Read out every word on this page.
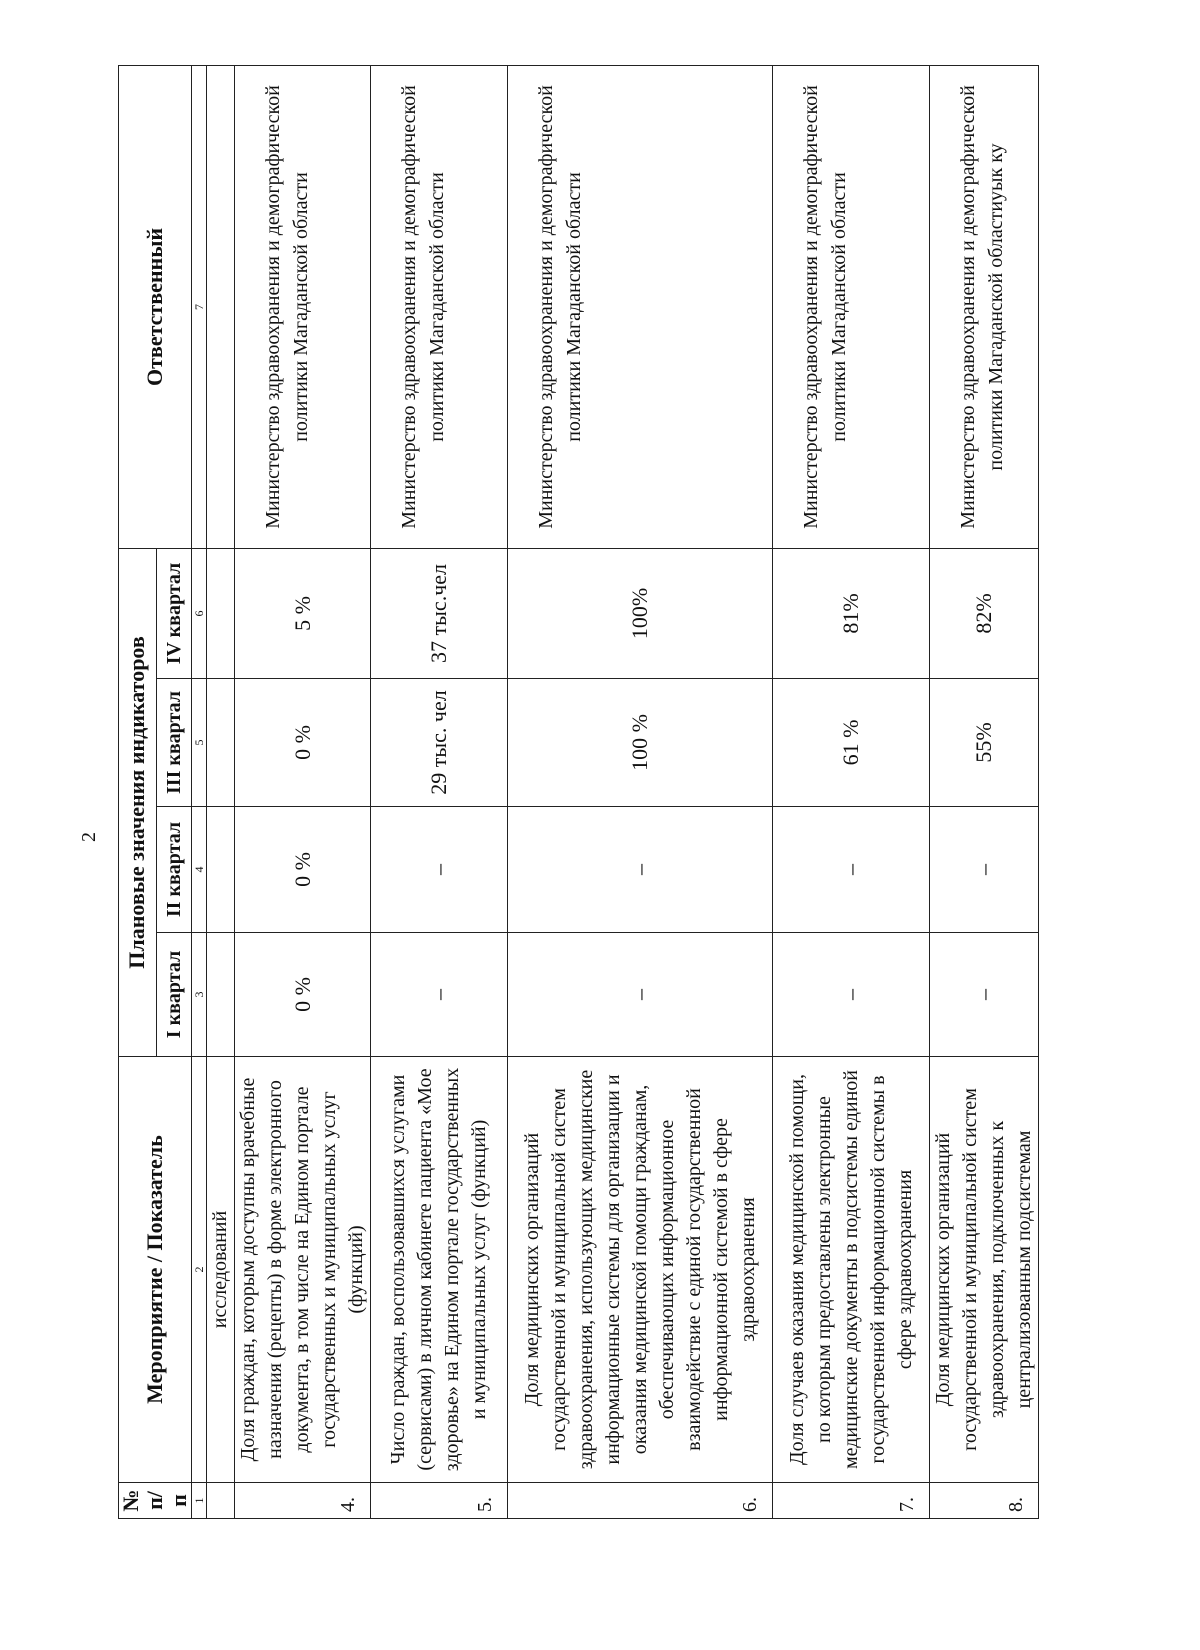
2
№ п/п	Мероприятие / Показатель	Плановые значения индикаторов				Ответственный
		I квартал	II квартал	III квартал	IV квартал	
1	2	3	4	5	6	7
	исследований					
4.	Доля граждан, которым доступны врачебные назначения (рецепты) в форме электронного документа, в том числе на Едином портале государственных и муниципальных услуг (функций)	0 %	0 %	0 %	5 %	Министерство здравоохранения и демографической политики Магаданской области
5.	Число граждан, воспользовавшихся услугами (сервисами) в личном кабинете пациента «Мое здоровье» на Едином портале государственных и муниципальных услуг (функций)	–	–	29 тыс. чел	37 тыс.чел	Министерство здравоохранения и демографической политики Магаданской области
6.	Доля медицинских организаций государственной и муниципальной систем здравоохранения, использующих медицинские информационные системы для организации и оказания медицинской помощи гражданам, обеспечивающих информационное взаимодействие с единой государственной информационной системой в сфере здравоохранения	–	–	100 %	100%	Министерство здравоохранения и демографической политики Магаданской области
7.	Доля случаев оказания медицинской помощи, по которым предоставлены электронные медицинские документы в подсистемы единой государственной информационной системы в сфере здравоохранения	–	–	61 %	81%	Министерство здравоохранения и демографической политики Магаданской области
8.	Доля медицинских организаций государственной и муниципальной систем здравоохранения, подключенных к централизованным подсистемам	–	–	55%	82%	Министерство здравоохранения и демографической политики Магаданской областиуык ку
